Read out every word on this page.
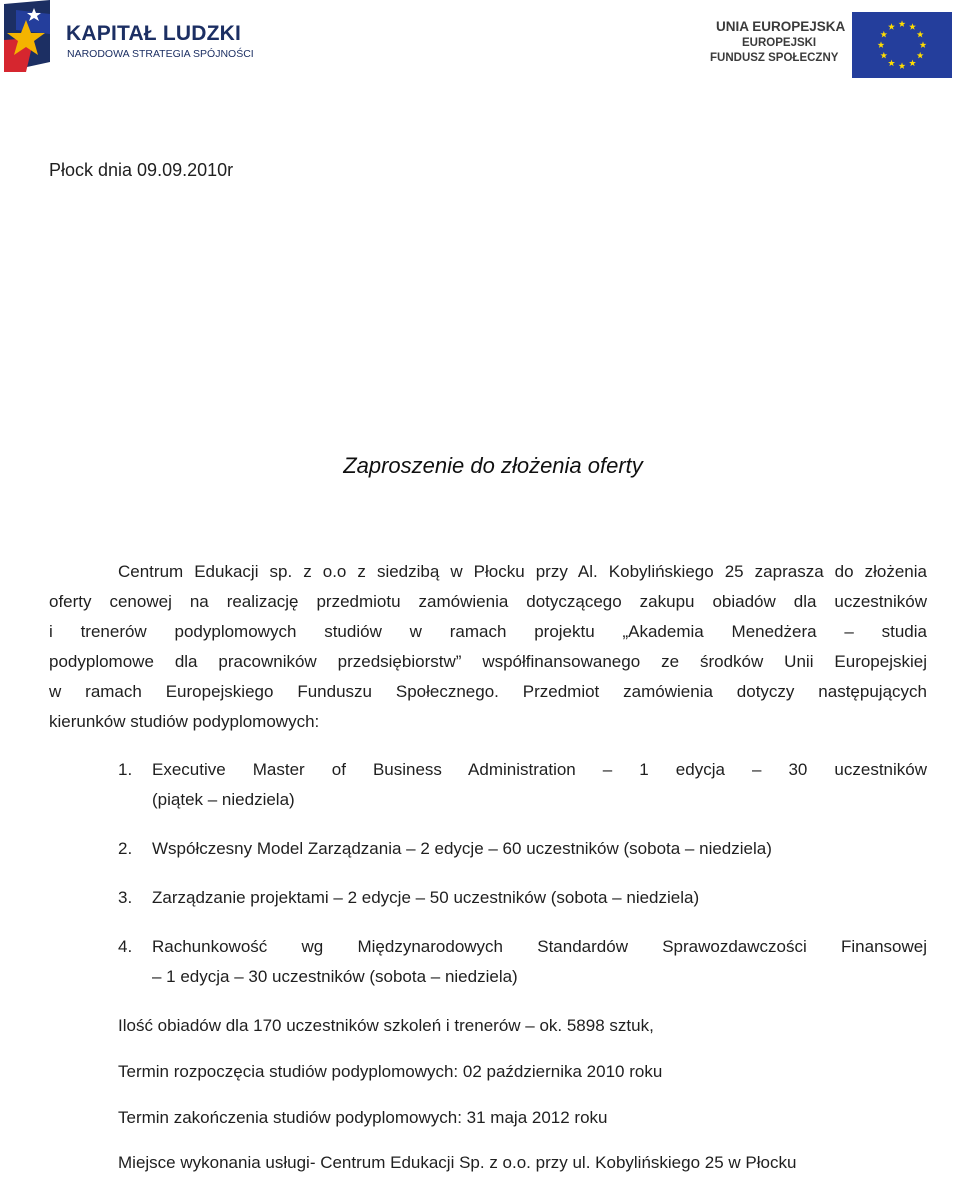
KAPITAŁ LUDZKI
NARODOWA STRATEGIA SPÓJNOŚCI
UNIA EUROPEJSKA
EUROPEJSKI
FUNDUSZ SPOŁECZNY
Płock dnia 09.09.2010r
Zaproszenie do złożenia oferty
Centrum Edukacji sp. z o.o z siedzibą w Płocku przy Al. Kobylińskiego 25 zaprasza do złożenia
oferty cenowej na realizację przedmiotu zamówienia dotyczącego zakupu obiadów dla uczestników
i trenerów podyplomowych studiów w ramach projektu „Akademia Menedżera – studia
podyplomowe dla pracowników przedsiębiorstw” współfinansowanego ze środków Unii Europejskiej
w ramach Europejskiego Funduszu Społecznego. Przedmiot zamówienia dotyczy następujących
kierunków studiów podyplomowych:
1. Executive Master of Business Administration – 1 edycja – 30 uczestników
(piątek – niedziela)
2. Współczesny Model Zarządzania – 2 edycje – 60 uczestników (sobota – niedziela)
3. Zarządzanie projektami – 2 edycje – 50 uczestników (sobota – niedziela)
4. Rachunkowość wg Międzynarodowych Standardów Sprawozdawczości Finansowej
– 1 edycja – 30 uczestników (sobota – niedziela)
Ilość obiadów dla 170 uczestników szkoleń i trenerów – ok. 5898 sztuk,
Termin rozpoczęcia studiów podyplomowych: 02 października 2010 roku
Termin zakończenia studiów podyplomowych: 31 maja 2012 roku
Miejsce wykonania usługi- Centrum Edukacji Sp. z o.o. przy ul. Kobylińskiego 25 w Płocku
